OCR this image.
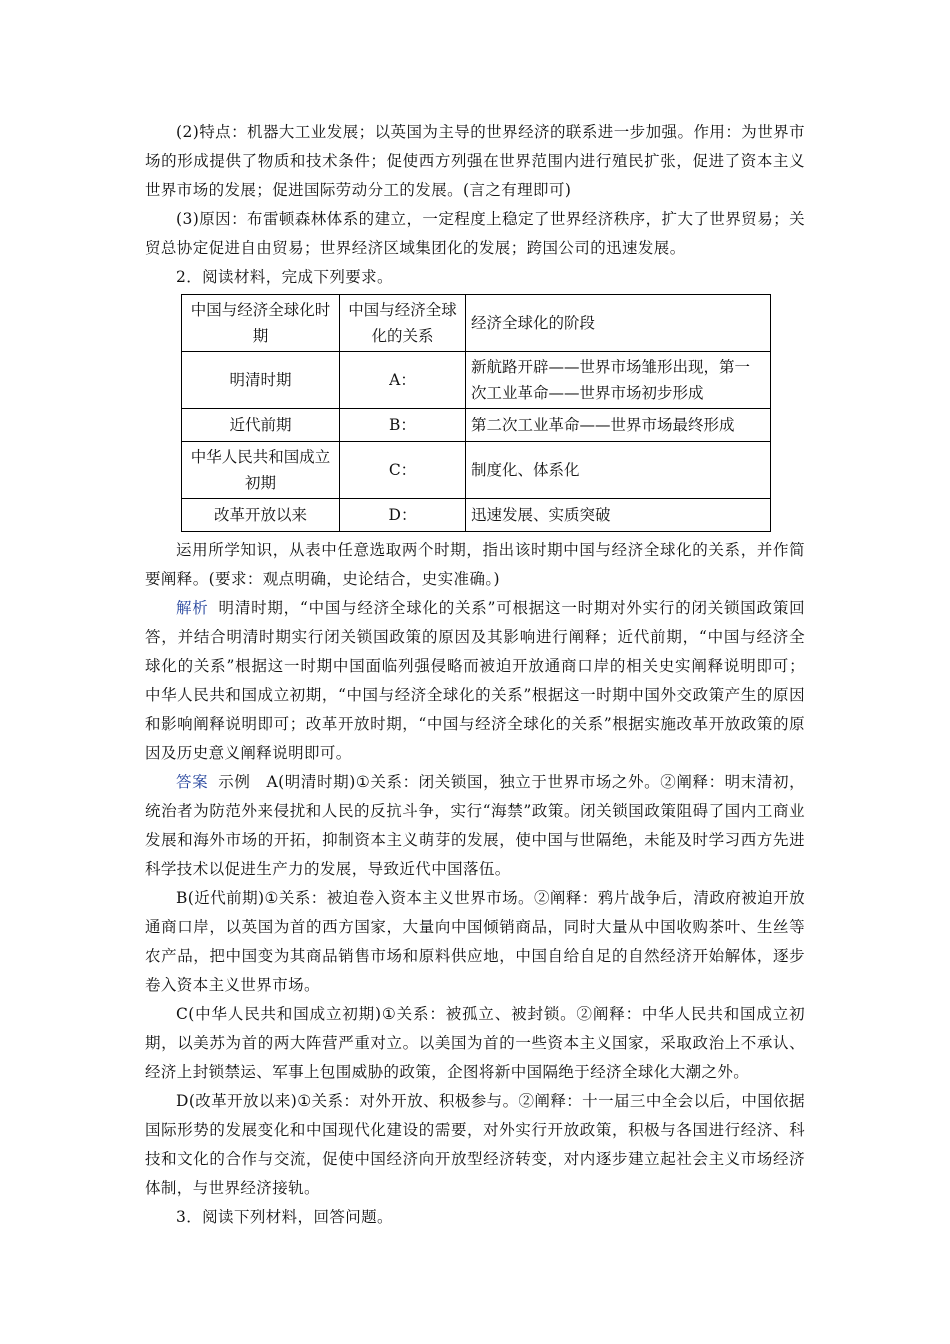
(2)特点：机器大工业发展；以英国为主导的世界经济的联系进一步加强。作用：为世界市场的形成提供了物质和技术条件；促使西方列强在世界范围内进行殖民扩张，促进了资本主义世界市场的发展；促进国际劳动分工的发展。(言之有理即可)

(3)原因：布雷顿森林体系的建立，一定程度上稳定了世界经济秩序，扩大了世界贸易；关贸总协定促进自由贸易；世界经济区域集团化的发展；跨国公司的迅速发展。

2．阅读材料，完成下列要求。

中国与经济全球化时期	中国与经济全球化的关系	经济全球化的阶段
明清时期	A：	新航路开辟——世界市场雏形出现，第一次工业革命——世界市场初步形成
近代前期	B：	第二次工业革命——世界市场最终形成
中华人民共和国成立初期	C：	制度化、体系化
改革开放以来	D：	迅速发展、实质突破

运用所学知识，从表中任意选取两个时期，指出该时期中国与经济全球化的关系，并作简要阐释。(要求：观点明确，史论结合，史实准确。)

解析 明清时期，“中国与经济全球化的关系”可根据这一时期对外实行的闭关锁国政策回答，并结合明清时期实行闭关锁国政策的原因及其影响进行阐释；近代前期，“中国与经济全球化的关系”根据这一时期中国面临列强侵略而被迫开放通商口岸的相关史实阐释说明即可；中华人民共和国成立初期，“中国与经济全球化的关系”根据这一时期中国外交政策产生的原因和影响阐释说明即可；改革开放时期，“中国与经济全球化的关系”根据实施改革开放政策的原因及历史意义阐释说明即可。

答案 示例　A(明清时期)①关系：闭关锁国，独立于世界市场之外。②阐释：明末清初，统治者为防范外来侵扰和人民的反抗斗争，实行“海禁”政策。闭关锁国政策阻碍了国内工商业发展和海外市场的开拓，抑制资本主义萌芽的发展，使中国与世隔绝，未能及时学习西方先进科学技术以促进生产力的发展，导致近代中国落伍。

B(近代前期)①关系：被迫卷入资本主义世界市场。②阐释：鸦片战争后，清政府被迫开放通商口岸，以英国为首的西方国家，大量向中国倾销商品，同时大量从中国收购茶叶、生丝等农产品，把中国变为其商品销售市场和原料供应地，中国自给自足的自然经济开始解体，逐步卷入资本主义世界市场。

C(中华人民共和国成立初期)①关系：被孤立、被封锁。②阐释：中华人民共和国成立初期，以美苏为首的两大阵营严重对立。以美国为首的一些资本主义国家，采取政治上不承认、经济上封锁禁运、军事上包围威胁的政策，企图将新中国隔绝于经济全球化大潮之外。

D(改革开放以来)①关系：对外开放、积极参与。②阐释：十一届三中全会以后，中国依据国际形势的发展变化和中国现代化建设的需要，对外实行开放政策，积极与各国进行经济、科技和文化的合作与交流，促使中国经济向开放型经济转变，对内逐步建立起社会主义市场经济体制，与世界经济接轨。

3．阅读下列材料，回答问题。
